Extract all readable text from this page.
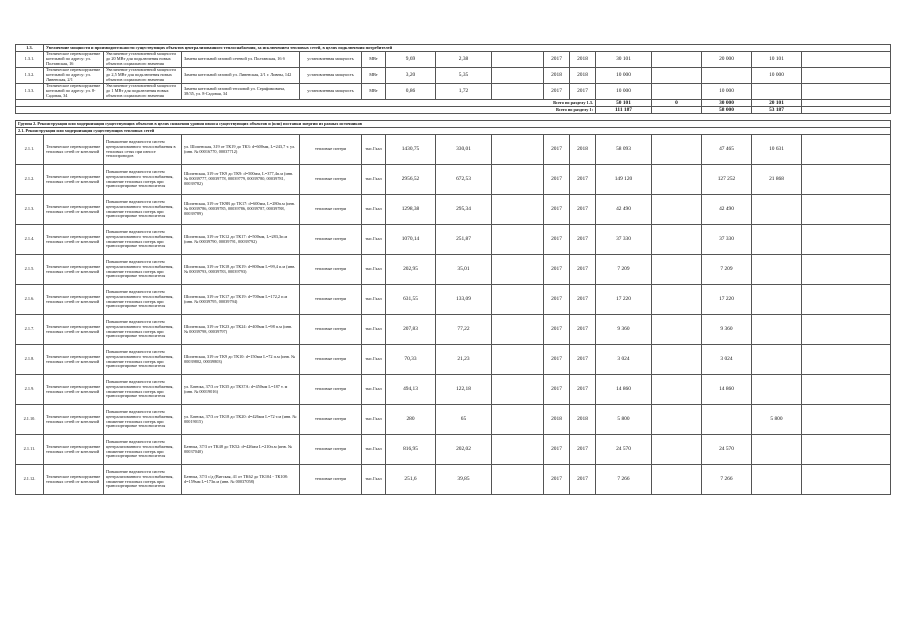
1.3.	Увеличение мощности и производительности существующих объектов централизованного теплоснабжения, за исключением тепловых сетей, в целях подключения потребителей														
1.3.1.	Техническое перевооружение котельной по адресу: ул. Полтавская, 16	Увеличение установленной мощности до 20 МВт для подключения новых объектов социального значения	Замена котельной газовой сетевой ул. Полтавская, 16 б	установленная мощность	МВт	9,69	2,38		2017	2018	30 101		20 000	10 101	
1.3.2.	Техническое перевооружение котельной по адресу: ул. Ливенская, 2/1	Увеличение установленной мощности до 2,5 МВт для подключения новых объектов социального значения	Замена котельной газовой ул. Ливенская, 2/1 г. Ливны, 142	установленная мощность	МВт	3,20	5,35		2018	2018	10 000			10 000	
1.3.3.	Техническое перевооружение котельной по адресу: ул. 8-Садовая, 34	Увеличение установленной мощности до 1 МВт для подключения новых объектов социального значения	Замена котельной газовой тепловой ул. Серафимовича, 38/35, ул. 8-Садовая, 34	установленная мощность	МВт	0,86	1,72		2017	2017	10 000		10 000		
Всего по разделу 1.3.											50 101	0	30 000	20 101	
Всего по разделу 1:											111 187		58 000	53 187	

Группа 2. Реконструкция или модернизация существующих объектов в целях снижения уровня износа существующих объектов и (или) поставки энергии из разных источников															
2.1. Реконструкция или модернизация существующих тепловых сетей															
2.1.1.	Техническое перевооружение тепловых сетей от котельной	Повышение надежности систем централизованного теплоснабжения в тепловых сетях при износе теплопроводов	ул. Шопенская, 319 от ТК19 до ТК3: d=600мм, L=243,7 т. ул. (инв. № 00016770, 00037712)	тепловые потери	тыс.Гкал	1430,75	330,01		2017	2018	58 093		47 465	10 631	
2.1.2.	Техническое перевооружение тепловых сетей от котельной	Повышение надежности систем централизованного теплоснабжения, снижение тепловых потерь при транспортировке теплоносителя	Шопенская, 319 от ТК9 до ТК9: d=500мм, L=377,4п.м (инв. № 00039777, 00039778, 00039779, 00039780, 00039781, 00039782)	тепловые потери	тыс.Гкал	2956,52	672,53		2017	2017	149 120		127 252	21 868	
2.1.3.	Техническое перевооружение тепловых сетей от котельной	Повышение надежности систем централизованного теплоснабжения, снижение тепловых потерь при транспортировке теплоносителя	Шопенская, 319 от ТК9В до ТК17: d=600мм, L=280п.м (инв. № 00039786, 00039785, 00039786, 00039787, 00039788, 00039789)	тепловые потери	тыс.Гкал	1298,38	295,34		2017	2017	42 490		42 490		
2.1.4.	Техническое перевооружение тепловых сетей от котельной	Повышение надежности систем централизованного теплоснабжения, снижение тепловых потерь при транспортировке теплоносителя	Шопенская, 319 от ТК12 до ТК17: d=500мм, L=283,3п.м (инв. № 00039790, 00039791, 00039792)	тепловые потери	тыс.Гкал	1070,14	251,87		2017	2017	37 330		37 330		
2.1.5.	Техническое перевооружение тепловых сетей от котельной	Повышение надежности систем централизованного теплоснабжения, снижение тепловых потерь при транспортировке теплоносителя	Шопенская, 319 от ТК18 до ТК19: d=800мм L=99,4 п.м (инв. № 00039793, 00039783, 00039793)	тепловые потери	тыс.Гкал	202,95	35,01		2017	2017	7 209		7 209		
2.1.6.	Техническое перевооружение тепловых сетей от котельной	Повышение надежности систем централизованного теплоснабжения, снижение тепловых потерь при транспортировке теплоносителя	Шопенская, 319 от ТК17 до ТК19: d=700мм L=172,2 п.м (инв. № 00039795, 00039794)	тепловые потери	тыс.Гкал	631,55	133,09		2017	2017	17 220		17 220		
2.1.7.	Техническое перевооружение тепловых сетей от котельной	Повышение надежности систем централизованного теплоснабжения, снижение тепловых потерь при транспортировке теплоносителя	Шопенская, 319 от ТК23 до ТК24: d=400мм L=98 п.м (инв. № 00039798, 00039797)	тепловые потери	тыс.Гкал	207,83	77,22		2017	2017	9 360		9 360		
2.1.8.	Техническое перевооружение тепловых сетей от котельной	Повышение надежности систем централизованного теплоснабжения, снижение тепловых потерь при транспортировке теплоносителя	Шопенская, 319 от ТК9 до ТК10: d=150мм L=72 п.м (инв. № 00039802, 00039803)	тепловые потери	тыс.Гкал	70,33	21,23		2017	2017	3 024		3 024		
2.1.9.	Техническое перевооружение тепловых сетей от котельной	Повышение надежности систем централизованного теплоснабжения, снижение тепловых потерь при транспортировке теплоносителя	ул. Батюка, 37/3 от ТК35 до ТК37А: d=450мм L=187 т. м (инв. № 00019016)	тепловые потери	тыс.Гкал	494,13	122,18		2017	2017	14 860		14 860		
2.1.10.	Техническое перевооружение тепловых сетей от котельной	Повышение надежности систем централизованного теплоснабжения, снижение тепловых потерь при транспортировке теплоносителя	ул. Батюка, 37/3 от ТК18 до ТК20: d=426мм L=72 т.м (инв. № 00019015)	тепловые потери	тыс.Гкал	280	65		2018	2018	5 800			5 800	
2.1.11.	Техническое перевооружение тепловых сетей от котельной	Повышение надежности систем централизованного теплоснабжения, снижение тепловых потерь при транспортировке теплоносителя	Батюка, 37/3 от ТК48 до ТК52: d=426мм L=210п.м (инв. № 00037040)	тепловые потери	тыс.Гкал	816,95	202,02		2017	2017	24 570		24 570		
2.1.12.	Техническое перевооружение тепловых сетей от котельной	Повышение надежности систем централизованного теплоснабжения, снижение тепловых потерь при транспортировке теплоносителя	Батюка, 37/3 с/д (Вятская, 41 от ТК62 до ТК104 - ТК108: d=159мм L=173п.м (инв. № 00037058)	тепловые потери	тыс.Гкал	251,6	39,85		2017	2017	7 266		7 266		
